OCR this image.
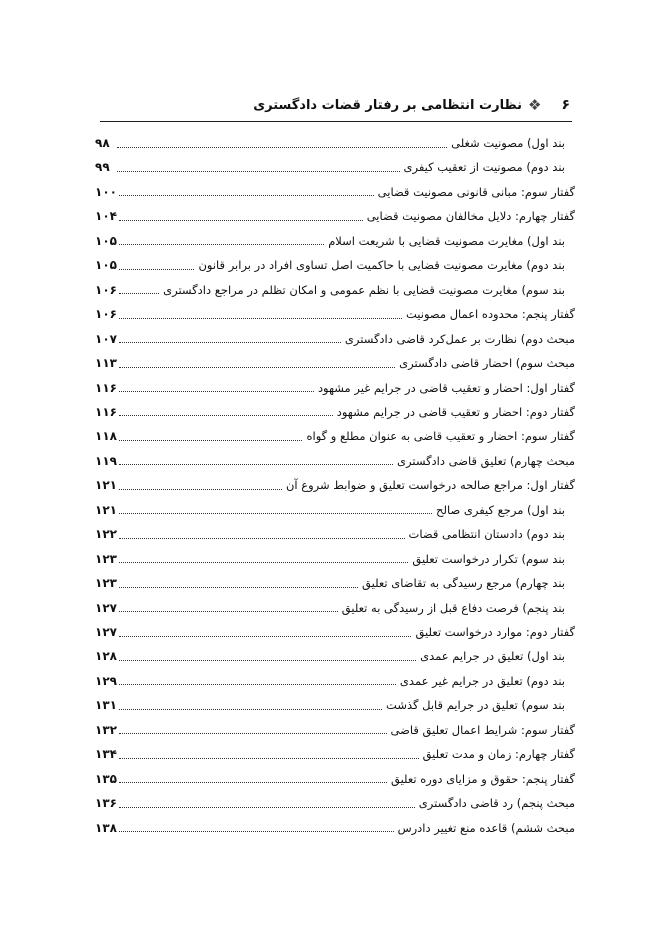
۶
❖
نظارت انتظامی بر رفتار قضات دادگستری
بند اول) مصونیت شغلی
۹۸
بند دوم) مصونیت از تعقیب کیفری
۹۹
گفتار سوم: مبانی قانونی مصونیت قضایی
۱۰۰
گفتار چهارم: دلایل مخالفان مصونیت قضایی
۱۰۴
بند اول) مغایرت مصونیت قضایی با شریعت اسلام
۱۰۵
بند دوم) مغایرت مصونیت قضایی با حاکمیت اصل تساوی افراد در برابر قانون
۱۰۵
بند سوم) مغایرت مصونیت قضایی با نظم عمومی و امکان تظلم در مراجع دادگستری
۱۰۶
گفتار پنجم: محدوده اعمال مصونیت
۱۰۶
مبحث دوم) نظارت بر عمل‌کرد قاضی دادگستری
۱۰۷
مبحث سوم) احضار قاضی دادگستری
۱۱۳
گفتار اول: احضار و تعقیب قاضی در جرایم غیر مشهود
۱۱۶
گفتار دوم: احضار و تعقیب قاضی در جرایم مشهود
۱۱۶
گفتار سوم: احضار و تعقیب قاضی به عنوان مطلع و گواه
۱۱۸
مبحث چهارم) تعلیق قاضی دادگستری
۱۱۹
گفتار اول: مراجع صالحه درخواست تعلیق و ضوابط شروع آن
۱۲۱
بند اول) مرجع کیفری صالح
۱۲۱
بند دوم) دادستان انتظامی قضات
۱۲۲
بند سوم) تکرار درخواست تعلیق
۱۲۳
بند چهارم) مرجع رسیدگی به تقاضای تعلیق
۱۲۳
بند پنجم) فرصت دفاع قبل از رسیدگی به تعلیق
۱۲۷
گفتار دوم: موارد درخواست تعلیق
۱۲۷
بند اول) تعلیق در جرایم عمدی
۱۲۸
بند دوم) تعلیق در جرایم غیر عمدی
۱۲۹
بند سوم) تعلیق در جرایم قابل گذشت
۱۳۱
گفتار سوم: شرایط اعمال تعلیق قاضی
۱۳۲
گفتار چهارم: زمان و مدت تعلیق
۱۳۴
گفتار پنجم: حقوق و مزایای دوره تعلیق
۱۳۵
مبحث پنجم) رد قاضی دادگستری
۱۳۶
مبحث ششم) قاعده منع تغییر دادرس
۱۳۸
